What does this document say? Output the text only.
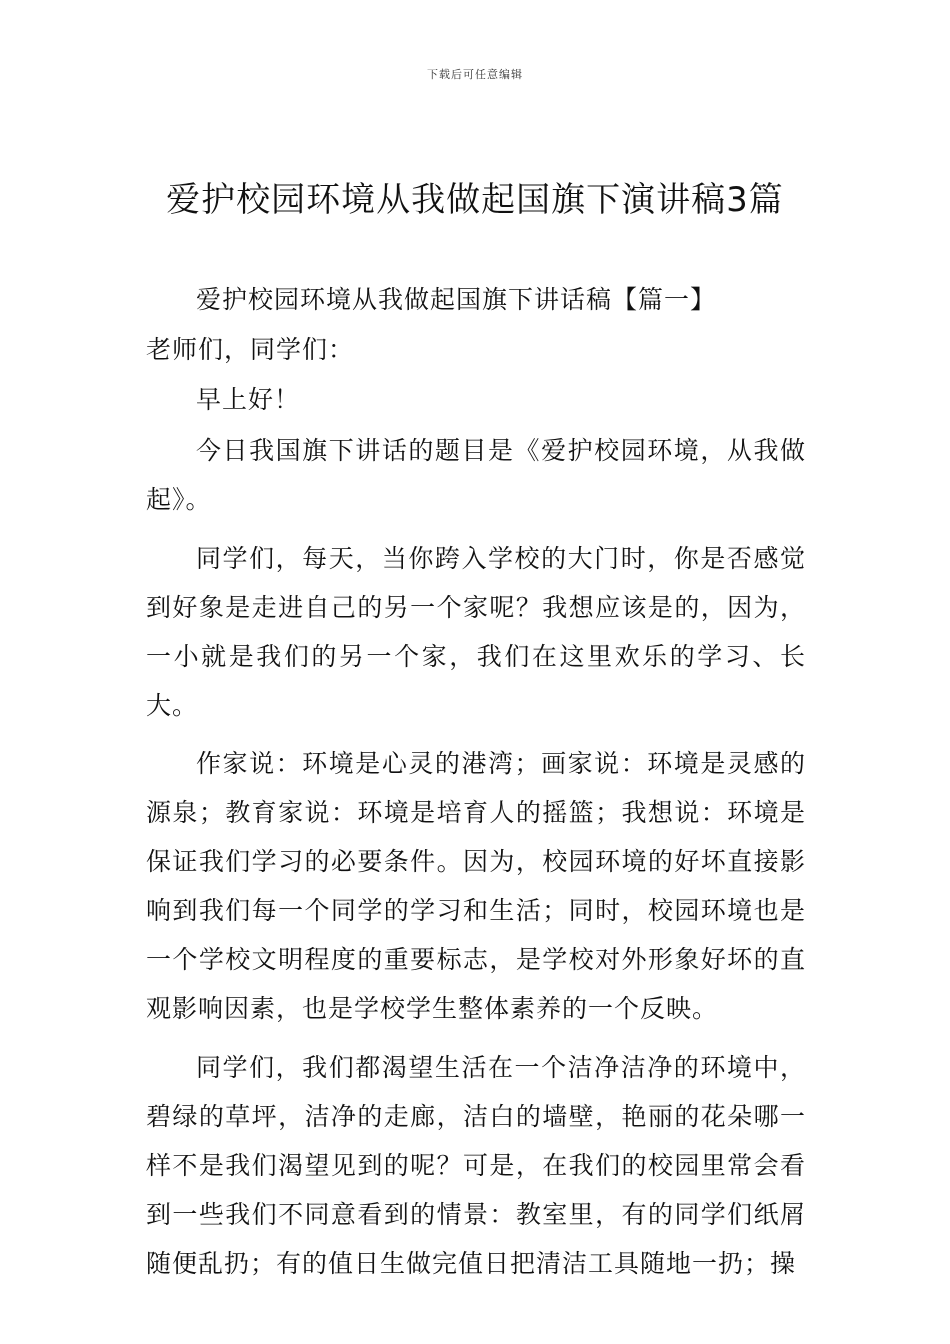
下载后可任意编辑
爱护校园环境从我做起国旗下演讲稿3篇
爱护校园环境从我做起国旗下讲话稿【篇一】
老师们，同学们：
早上好！

今日我国旗下讲话的题目是《爱护校园环境，从我做起》。

同学们，每天，当你跨入学校的大门时，你是否感觉到好象是走进自己的另一个家呢？我想应该是的，因为，一小就是我们的另一个家，我们在这里欢乐的学习、长大。

作家说：环境是心灵的港湾；画家说：环境是灵感的源泉；教育家说：环境是培育人的摇篮；我想说：环境是保证我们学习的必要条件。因为，校园环境的好坏直接影响到我们每一个同学的学习和生活；同时，校园环境也是一个学校文明程度的重要标志，是学校对外形象好坏的直观影响因素，也是学校学生整体素养的一个反映。

同学们，我们都渴望生活在一个洁净洁净的环境中，碧绿的草坪，洁净的走廊，洁白的墙壁，艳丽的花朵哪一样不是我们渴望见到的呢？可是，在我们的校园里常会看到一些我们不同意看到的情景：教室里，有的同学们纸屑随便乱扔；有的值日生做完值日把清洁工具随地一扔；操
